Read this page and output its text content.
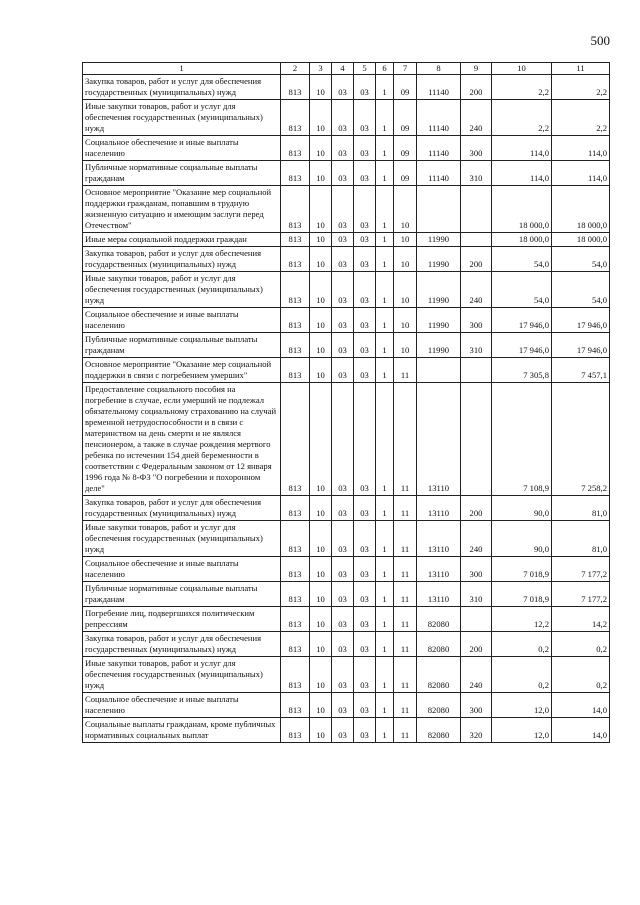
500
1	2	3	4	5	6	7	8	9	10	11
Закупка товаров, работ и услуг для обеспечения государственных (муниципальных) нужд	813	10	03	03	1	09	11140	200	2,2	2,2
Иные закупки товаров, работ и услуг для обеспечения государственных (муниципальных) нужд	813	10	03	03	1	09	11140	240	2,2	2,2
Социальное обеспечение и иные выплаты населению	813	10	03	03	1	09	11140	300	114,0	114,0
Публичные нормативные социальные выплаты гражданам	813	10	03	03	1	09	11140	310	114,0	114,0
Основное мероприятие "Оказание мер социальной поддержки гражданам, попавшим в трудную жизненную ситуацию и имеющим заслуги перед Отечеством"	813	10	03	03	1	10			18 000,0	18 000,0
Иные меры социальной поддержки граждан	813	10	03	03	1	10	11990		18 000,0	18 000,0
Закупка товаров, работ и услуг для обеспечения государственных (муниципальных) нужд	813	10	03	03	1	10	11990	200	54,0	54,0
Иные закупки товаров, работ и услуг для обеспечения государственных (муниципальных) нужд	813	10	03	03	1	10	11990	240	54,0	54,0
Социальное обеспечение и иные выплаты населению	813	10	03	03	1	10	11990	300	17 946,0	17 946,0
Публичные нормативные социальные выплаты гражданам	813	10	03	03	1	10	11990	310	17 946,0	17 946,0
Основное мероприятие "Оказание мер социальной поддержки в связи с погребением умерших"	813	10	03	03	1	11			7 305,8	7 457,1
Предоставление социального пособия на погребение в случае, если умерший не подлежал обязательному социальному страхованию на случай временной нетрудоспособности и в связи с материнством на день смерти и не являлся пенсионером, а также в случае рождения мертвого ребенка по истечении 154 дней беременности в соответствии с Федеральным законом от 12 января 1996 года № 8-ФЗ "О погребении и похоронном деле"	813	10	03	03	1	11	13110		7 108,9	7 258,2
Закупка товаров, работ и услуг для обеспечения государственных (муниципальных) нужд	813	10	03	03	1	11	13110	200	90,0	81,0
Иные закупки товаров, работ и услуг для обеспечения государственных (муниципальных) нужд	813	10	03	03	1	11	13110	240	90,0	81,0
Социальное обеспечение и иные выплаты населению	813	10	03	03	1	11	13110	300	7 018,9	7 177,2
Публичные нормативные социальные выплаты гражданам	813	10	03	03	1	11	13110	310	7 018,9	7 177,2
Погребение лиц, подвергшихся политическим репрессиям	813	10	03	03	1	11	82080		12,2	14,2
Закупка товаров, работ и услуг для обеспечения государственных (муниципальных) нужд	813	10	03	03	1	11	82080	200	0,2	0,2
Иные закупки товаров, работ и услуг для обеспечения государственных (муниципальных) нужд	813	10	03	03	1	11	82080	240	0,2	0,2
Социальное обеспечение и иные выплаты населению	813	10	03	03	1	11	82080	300	12,0	14,0
Социальные выплаты гражданам, кроме публичных нормативных социальных выплат	813	10	03	03	1	11	82080	320	12,0	14,0
